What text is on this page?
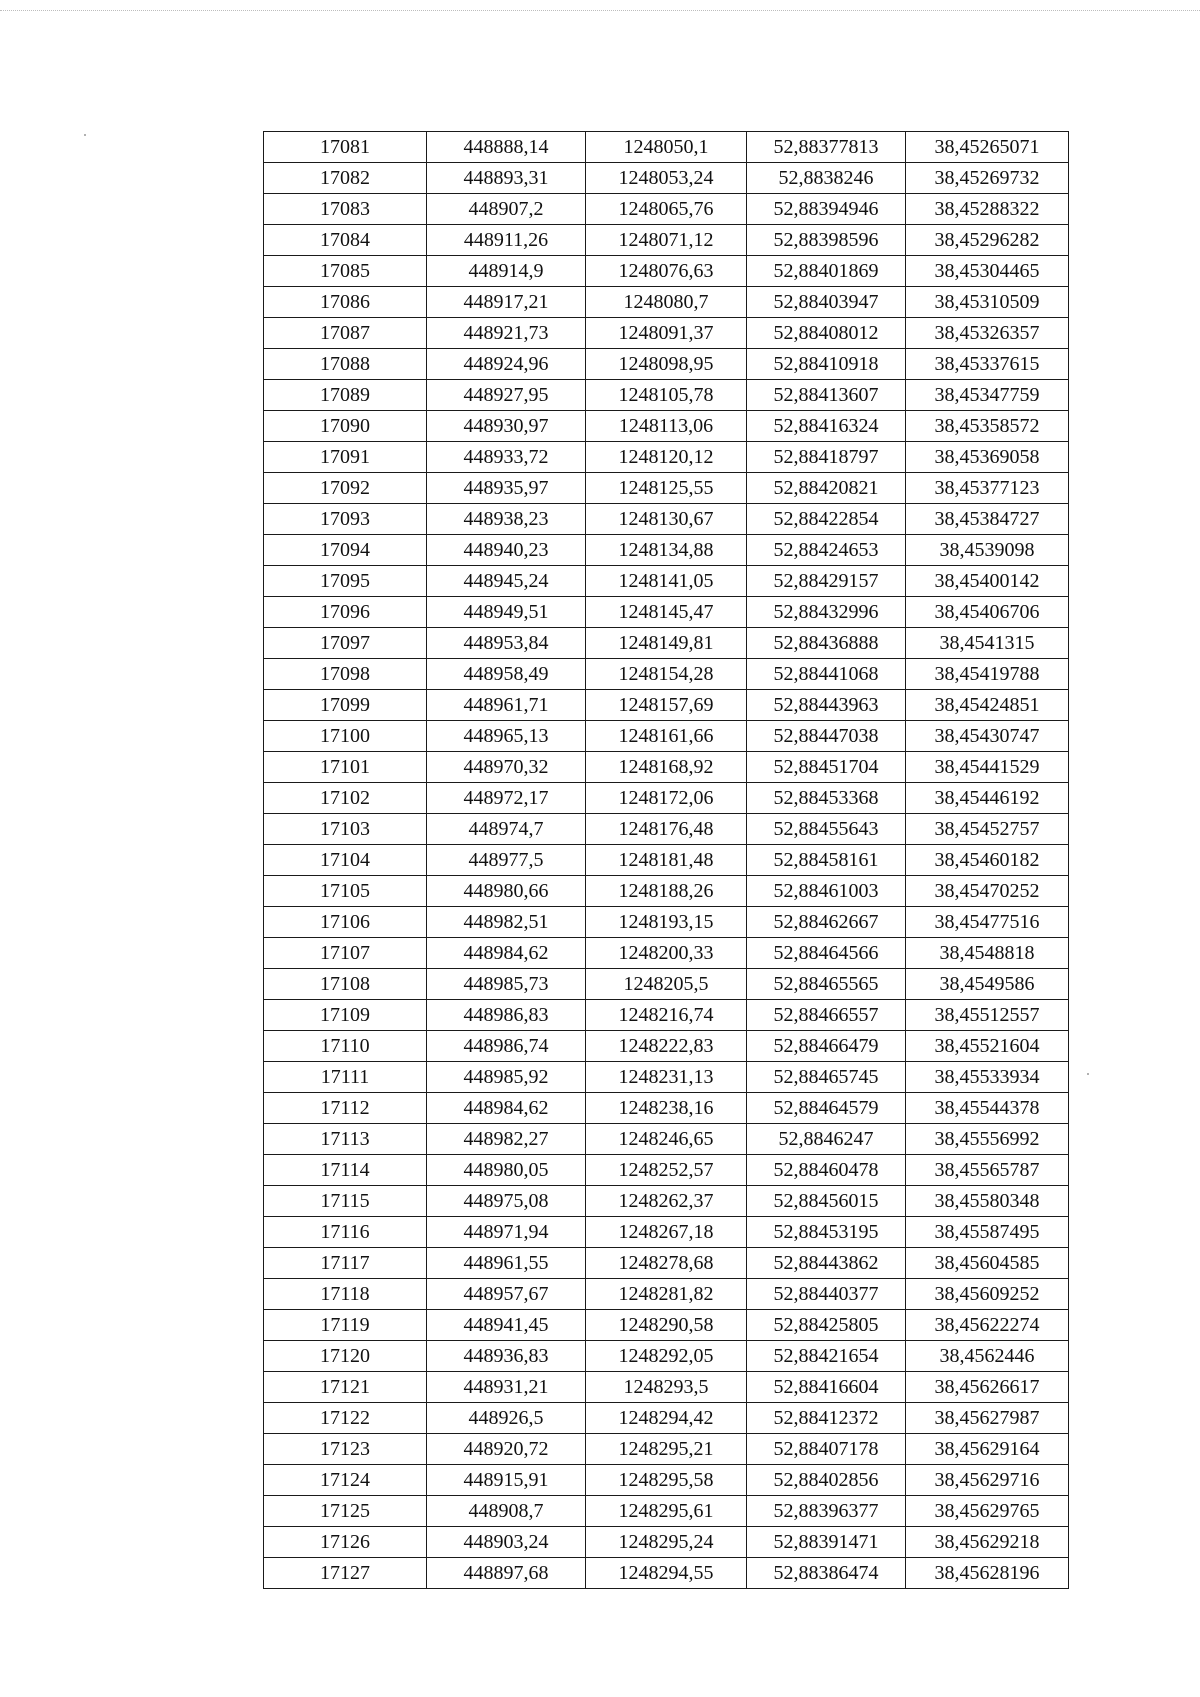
17081	448888,14	1248050,1	52,88377813	38,45265071
17082	448893,31	1248053,24	52,8838246	38,45269732
17083	448907,2	1248065,76	52,88394946	38,45288322
17084	448911,26	1248071,12	52,88398596	38,45296282
17085	448914,9	1248076,63	52,88401869	38,45304465
17086	448917,21	1248080,7	52,88403947	38,45310509
17087	448921,73	1248091,37	52,88408012	38,45326357
17088	448924,96	1248098,95	52,88410918	38,45337615
17089	448927,95	1248105,78	52,88413607	38,45347759
17090	448930,97	1248113,06	52,88416324	38,45358572
17091	448933,72	1248120,12	52,88418797	38,45369058
17092	448935,97	1248125,55	52,88420821	38,45377123
17093	448938,23	1248130,67	52,88422854	38,45384727
17094	448940,23	1248134,88	52,88424653	38,4539098
17095	448945,24	1248141,05	52,88429157	38,45400142
17096	448949,51	1248145,47	52,88432996	38,45406706
17097	448953,84	1248149,81	52,88436888	38,4541315
17098	448958,49	1248154,28	52,88441068	38,45419788
17099	448961,71	1248157,69	52,88443963	38,45424851
17100	448965,13	1248161,66	52,88447038	38,45430747
17101	448970,32	1248168,92	52,88451704	38,45441529
17102	448972,17	1248172,06	52,88453368	38,45446192
17103	448974,7	1248176,48	52,88455643	38,45452757
17104	448977,5	1248181,48	52,88458161	38,45460182
17105	448980,66	1248188,26	52,88461003	38,45470252
17106	448982,51	1248193,15	52,88462667	38,45477516
17107	448984,62	1248200,33	52,88464566	38,4548818
17108	448985,73	1248205,5	52,88465565	38,4549586
17109	448986,83	1248216,74	52,88466557	38,45512557
17110	448986,74	1248222,83	52,88466479	38,45521604
17111	448985,92	1248231,13	52,88465745	38,45533934
17112	448984,62	1248238,16	52,88464579	38,45544378
17113	448982,27	1248246,65	52,8846247	38,45556992
17114	448980,05	1248252,57	52,88460478	38,45565787
17115	448975,08	1248262,37	52,88456015	38,45580348
17116	448971,94	1248267,18	52,88453195	38,45587495
17117	448961,55	1248278,68	52,88443862	38,45604585
17118	448957,67	1248281,82	52,88440377	38,45609252
17119	448941,45	1248290,58	52,88425805	38,45622274
17120	448936,83	1248292,05	52,88421654	38,4562446
17121	448931,21	1248293,5	52,88416604	38,45626617
17122	448926,5	1248294,42	52,88412372	38,45627987
17123	448920,72	1248295,21	52,88407178	38,45629164
17124	448915,91	1248295,58	52,88402856	38,45629716
17125	448908,7	1248295,61	52,88396377	38,45629765
17126	448903,24	1248295,24	52,88391471	38,45629218
17127	448897,68	1248294,55	52,88386474	38,45628196
